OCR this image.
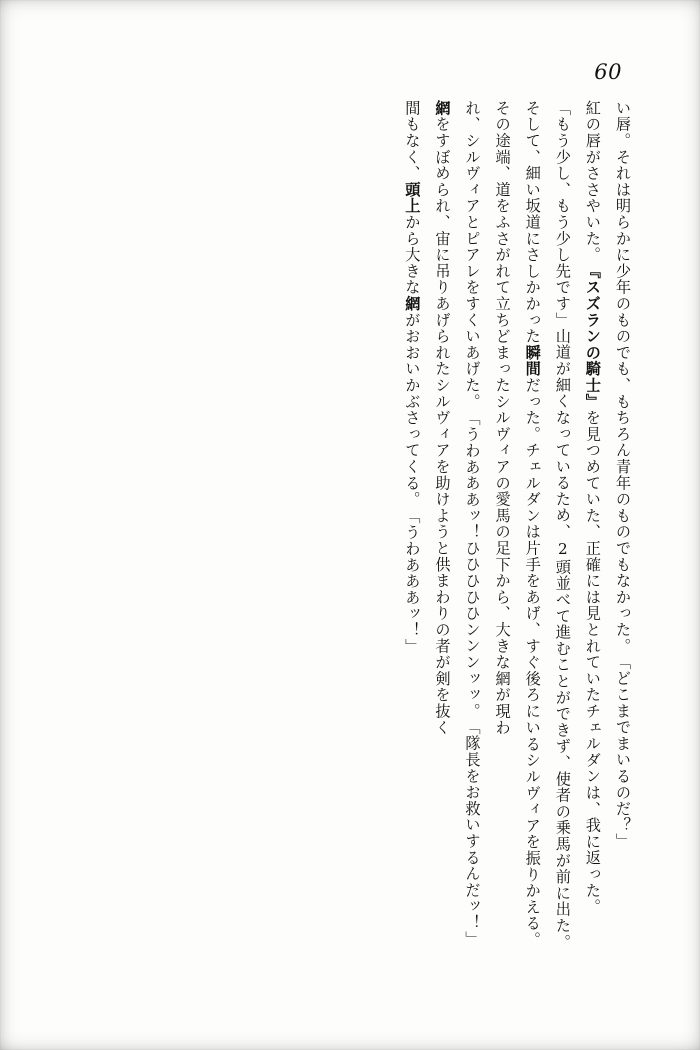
60

い唇。それは明らかに少年のものでも、もちろん青年のものでもなかった。

「どこまでまいるのだ？」

紅の唇がささやいた。

『スズランの騎士』を見つめていた、正確には見とれていたチェルダンは、我に返った。

「もう少し、もう少し先です」

山道が細くなっているため、2頭並べて進むことができず、使者の乗馬が前に出た。

そして、細い坂道にさしかかった瞬間だった。チェルダンは片手をあげ、すぐ後ろにい

るシルヴィアを振りかえる。

その途端、道をふさがれて立ちどまったシルヴィアの愛馬の足下から、大きな網が現わ

れ、シルヴィアとピアレをすくいあげた。

「うわあああッ！

ひひひひひンンンッッ。

「隊長をお救いするんだッ！」

網をすぼめられ、宙に吊りあげられたシルヴィアを助けようと供まわりの者が剣を抜く

間もなく、頭上から大きな網がおおいかぶさってくる。

「うわあああッ！」
